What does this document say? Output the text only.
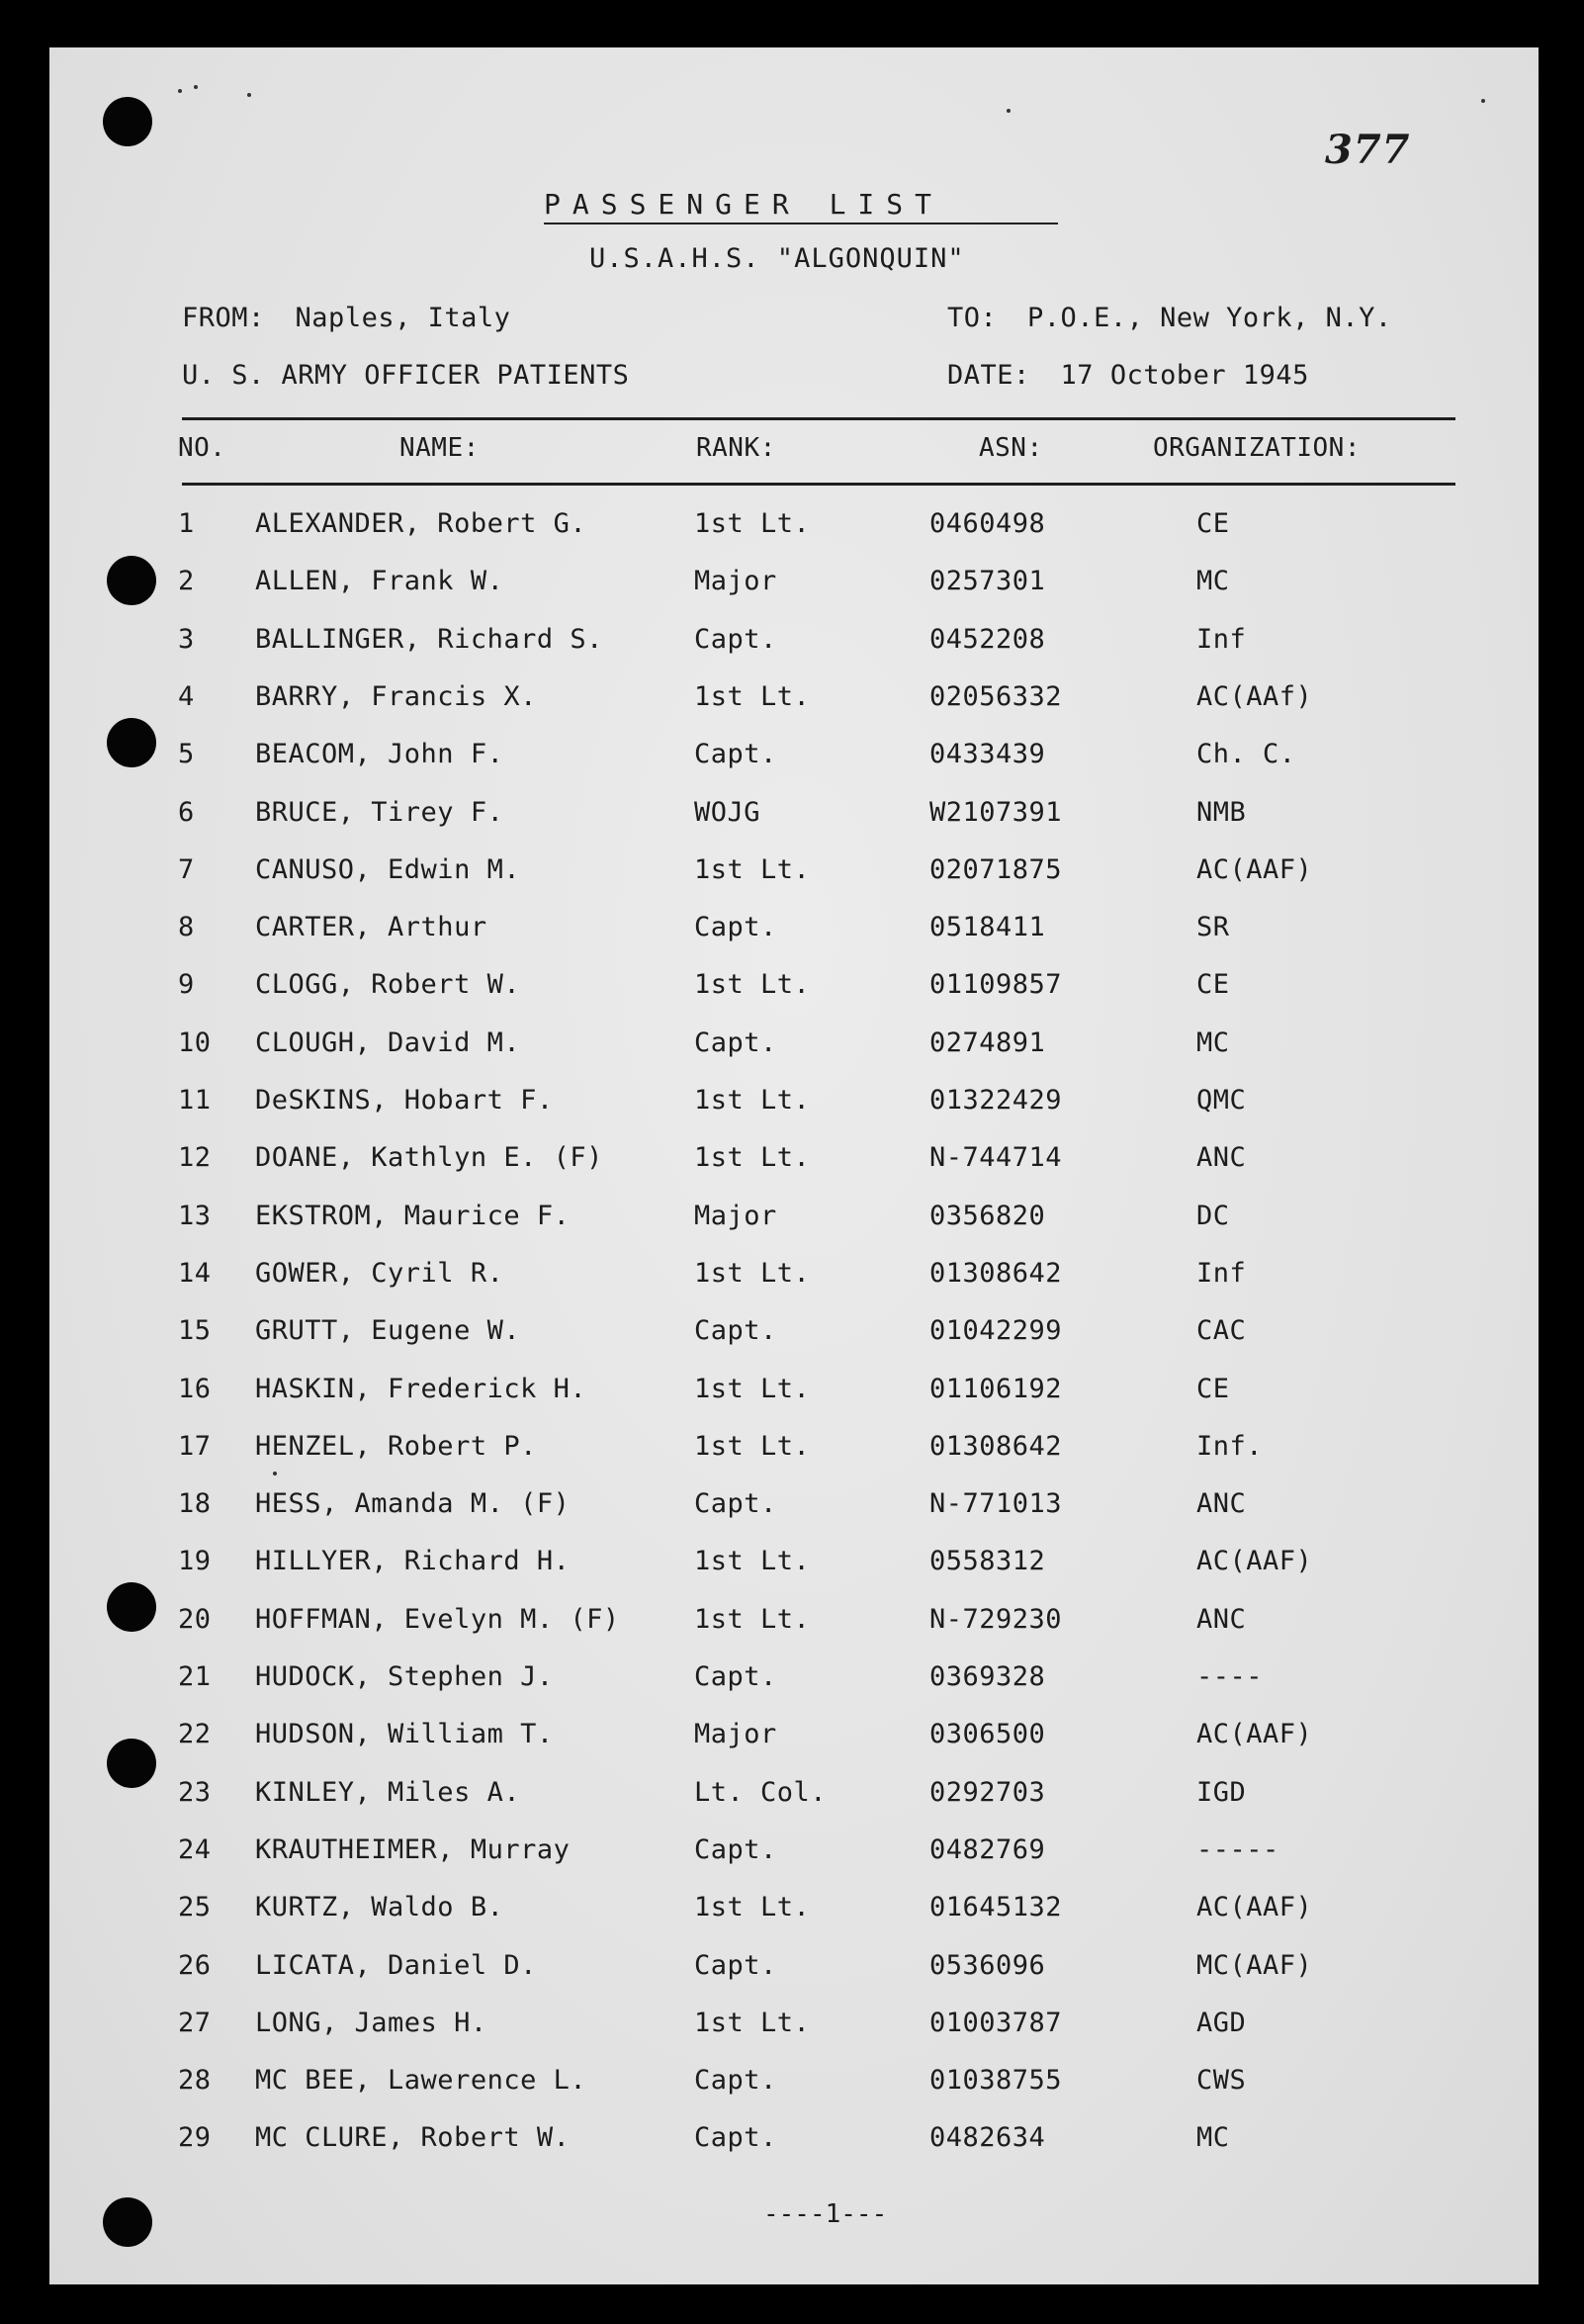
377
PASSENGER LIST
U.S.A.H.S. "ALGONQUIN"
FROM: Naples, Italy	TO: P.O.E., New York, N.Y.
U. S. ARMY OFFICER PATIENTS	DATE: 17 October 1945
NO.	NAME:	RANK:	ASN:	ORGANIZATION:
1 ALEXANDER, Robert G.	1st Lt.	0460498	CE
2 ALLEN, Frank W.	Major	0257301	MC
3 BALLINGER, Richard S.	Capt.	0452208	Inf
4 BARRY, Francis X.	1st Lt.	02056332	AC(AAf)
5 BEACOM, John F.	Capt.	0433439	Ch. C.
6 BRUCE, Tirey F.	WOJG	W2107391	NMB
7 CANUSO, Edwin M.	1st Lt.	02071875	AC(AAF)
8 CARTER, Arthur	Capt.	0518411	SR
9 CLOGG, Robert W.	1st Lt.	01109857	CE
10 CLOUGH, David M.	Capt.	0274891	MC
11 DeSKINS, Hobart F.	1st Lt.	01322429	QMC
12 DOANE, Kathlyn E. (F)	1st Lt.	N-744714	ANC
13 EKSTROM, Maurice F.	Major	0356820	DC
14 GOWER, Cyril R.	1st Lt.	01308642	Inf
15 GRUTT, Eugene W.	Capt.	01042299	CAC
16 HASKIN, Frederick H.	1st Lt.	01106192	CE
17 HENZEL, Robert P.	1st Lt.	01308642	Inf.
18 HESS, Amanda M. (F)	Capt.	N-771013	ANC
19 HILLYER, Richard H.	1st Lt.	0558312	AC(AAF)
20 HOFFMAN, Evelyn M. (F)	1st Lt.	N-729230	ANC
21 HUDOCK, Stephen J.	Capt.	0369328	----
22 HUDSON, William T.	Major	0306500	AC(AAF)
23 KINLEY, Miles A.	Lt. Col.	0292703	IGD
24 KRAUTHEIMER, Murray	Capt.	0482769	-----
25 KURTZ, Waldo B.	1st Lt.	01645132	AC(AAF)
26 LICATA, Daniel D.	Capt.	0536096	MC(AAF)
27 LONG, James H.	1st Lt.	01003787	AGD
28 MC BEE, Lawerence L.	Capt.	01038755	CWS
29 MC CLURE, Robert W.	Capt.	0482634	MC
----1---
